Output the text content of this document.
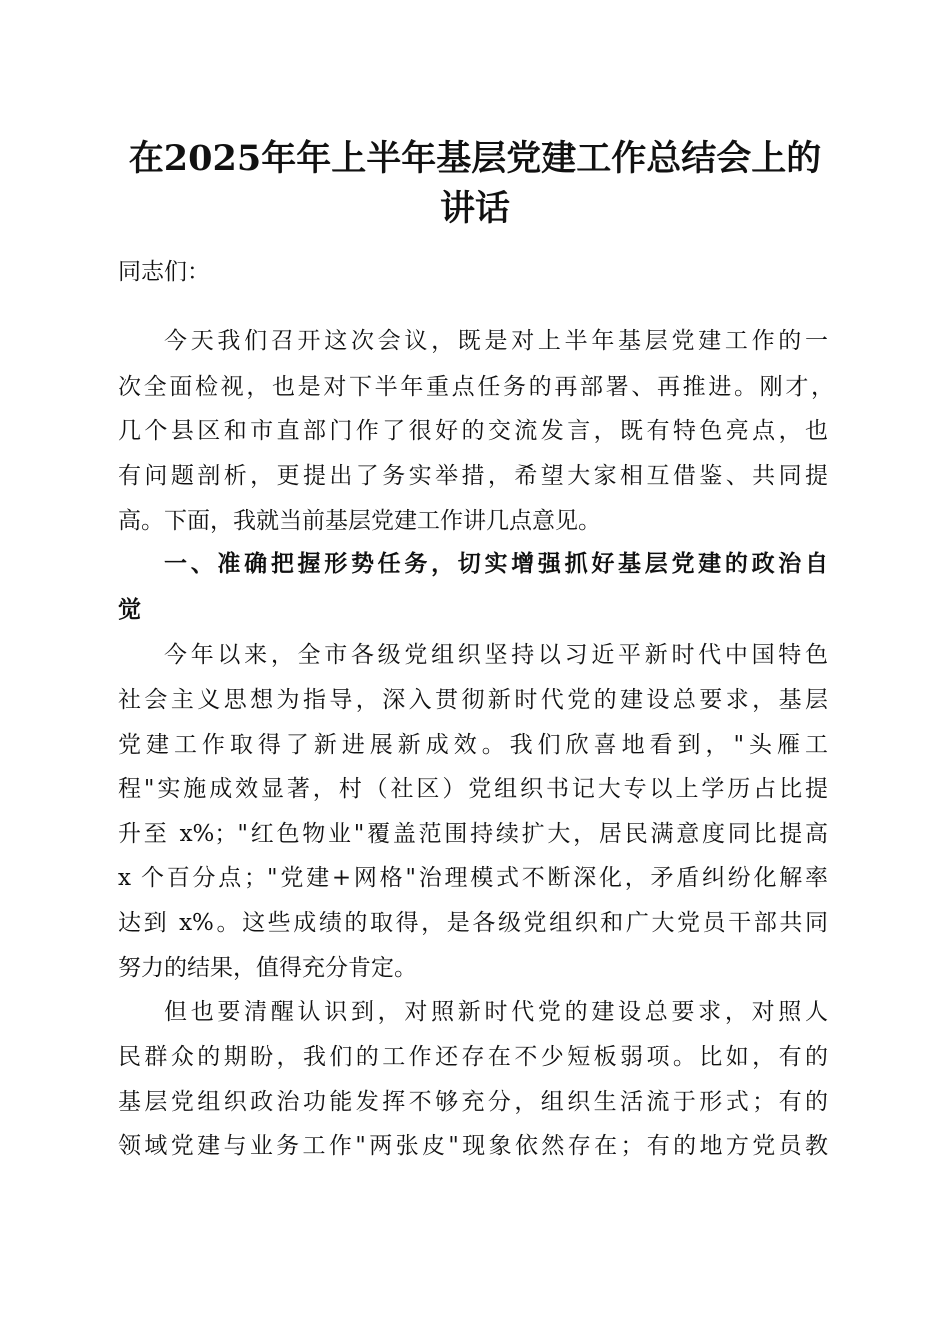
在2025年年上半年基层党建工作总结会上的
讲话

同志们：

今天我们召开这次会议，既是对上半年基层党建工作的一

次全面检视，也是对下半年重点任务的再部署、再推进。刚才，

几个县区和市直部门作了很好的交流发言，既有特色亮点，也

有问题剖析，更提出了务实举措，希望大家相互借鉴、共同提

高。下面，我就当前基层党建工作讲几点意见。

一、准确把握形势任务，切实增强抓好基层党建的政治自

觉

今年以来，全市各级党组织坚持以习近平新时代中国特色

社会主义思想为指导，深入贯彻新时代党的建设总要求，基层

党建工作取得了新进展新成效。我们欣喜地看到，"头雁工

程"实施成效显著，村（社区）党组织书记大专以上学历占比提

升至 x%；"红色物业"覆盖范围持续扩大，居民满意度同比提高

x 个百分点；"党建+网格"治理模式不断深化，矛盾纠纷化解率

达到 x%。这些成绩的取得，是各级党组织和广大党员干部共同

努力的结果，值得充分肯定。

但也要清醒认识到，对照新时代党的建设总要求，对照人

民群众的期盼，我们的工作还存在不少短板弱项。比如，有的

基层党组织政治功能发挥不够充分，组织生活流于形式；有的

领域党建与业务工作"两张皮"现象依然存在；有的地方党员教
